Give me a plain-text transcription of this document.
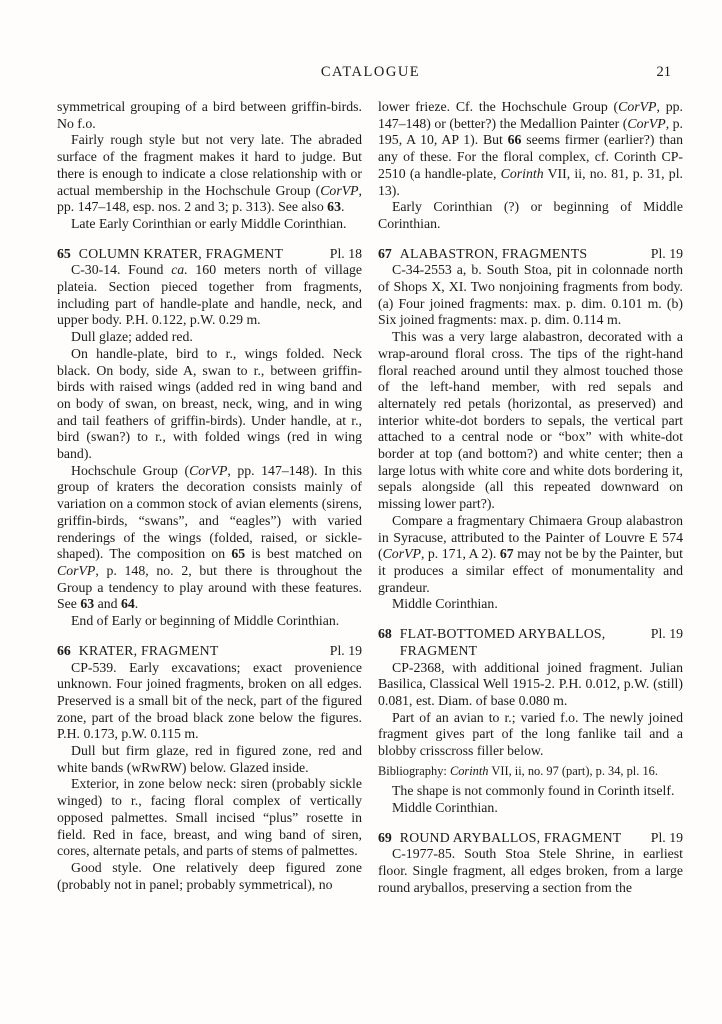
CATALOGUE	21

symmetrical grouping of a bird between griffin-birds. No f.o.

Fairly rough style but not very late. The abraded surface of the fragment makes it hard to judge. But there is enough to indicate a close relationship with or actual membership in the Hochschule Group (CorVP, pp. 147–148, esp. nos. 2 and 3; p. 313). See also 63.

Late Early Corinthian or early Middle Corinthian.

65 COLUMN KRATER, FRAGMENT	Pl. 18

C-30-14. Found ca. 160 meters north of village plateia. Section pieced together from fragments, including part of handle-plate and handle, neck, and upper body. P.H. 0.122, p.W. 0.29 m.

Dull glaze; added red.

On handle-plate, bird to r., wings folded. Neck black. On body, side A, swan to r., between griffin-birds with raised wings (added red in wing band and on body of swan, on breast, neck, wing, and in wing and tail feathers of griffin-birds). Under handle, at r., bird (swan?) to r., with folded wings (red in wing band).

Hochschule Group (CorVP, pp. 147–148). In this group of kraters the decoration consists mainly of variation on a common stock of avian elements (sirens, griffin-birds, “swans”, and “eagles”) with varied renderings of the wings (folded, raised, or sickle-shaped). The composition on 65 is best matched on CorVP, p. 148, no. 2, but there is throughout the Group a tendency to play around with these features. See 63 and 64.

End of Early or beginning of Middle Corinthian.

66 KRATER, FRAGMENT	Pl. 19

CP-539. Early excavations; exact provenience unknown. Four joined fragments, broken on all edges. Preserved is a small bit of the neck, part of the figured zone, part of the broad black zone below the figures. P.H. 0.173, p.W. 0.115 m.

Dull but firm glaze, red in figured zone, red and white bands (wRwRW) below. Glazed inside.

Exterior, in zone below neck: siren (probably sickle winged) to r., facing floral complex of vertically opposed palmettes. Small incised “plus” rosette in field. Red in face, breast, and wing band of siren, cores, alternate petals, and parts of stems of palmettes.

Good style. One relatively deep figured zone (probably not in panel; probably symmetrical), no

lower frieze. Cf. the Hochschule Group (CorVP, pp. 147–148) or (better?) the Medallion Painter (CorVP, p. 195, A 10, AP 1). But 66 seems firmer (earlier?) than any of these. For the floral complex, cf. Corinth CP-2510 (a handle-plate, Corinth VII, ii, no. 81, p. 31, pl. 13).

Early Corinthian (?) or beginning of Middle Corinthian.

67 ALABASTRON, FRAGMENTS	Pl. 19

C-34-2553 a, b. South Stoa, pit in colonnade north of Shops X, XI. Two nonjoining fragments from body. (a) Four joined fragments: max. p. dim. 0.101 m. (b) Six joined fragments: max. p. dim. 0.114 m.

This was a very large alabastron, decorated with a wrap-around floral cross. The tips of the right-hand floral reached around until they almost touched those of the left-hand member, with red sepals and alternately red petals (horizontal, as preserved) and interior white-dot borders to sepals, the vertical part attached to a central node or “box” with white-dot border at top (and bottom?) and white center; then a large lotus with white core and white dots bordering it, sepals alongside (all this repeated downward on missing lower part?).

Compare a fragmentary Chimaera Group alabastron in Syracuse, attributed to the Painter of Louvre E 574 (CorVP, p. 171, A 2). 67 may not be by the Painter, but it produces a similar effect of monumentality and grandeur.

Middle Corinthian.

68 FLAT-BOTTOMED ARYBALLOS,
FRAGMENT
Pl. 19

CP-2368, with additional joined fragment. Julian Basilica, Classical Well 1915-2. P.H. 0.012, p.W. (still) 0.081, est. Diam. of base 0.080 m.

Part of an avian to r.; varied f.o. The newly joined fragment gives part of the long fanlike tail and a blobby crisscross filler below.

Bibliography: Corinth VII, ii, no. 97 (part), p. 34, pl. 16.

The shape is not commonly found in Corinth itself.

Middle Corinthian.

69 ROUND ARYBALLOS, FRAGMENT	Pl. 19

C-1977-85. South Stoa Stele Shrine, in earliest floor. Single fragment, all edges broken, from a large round aryballos, preserving a section from the
